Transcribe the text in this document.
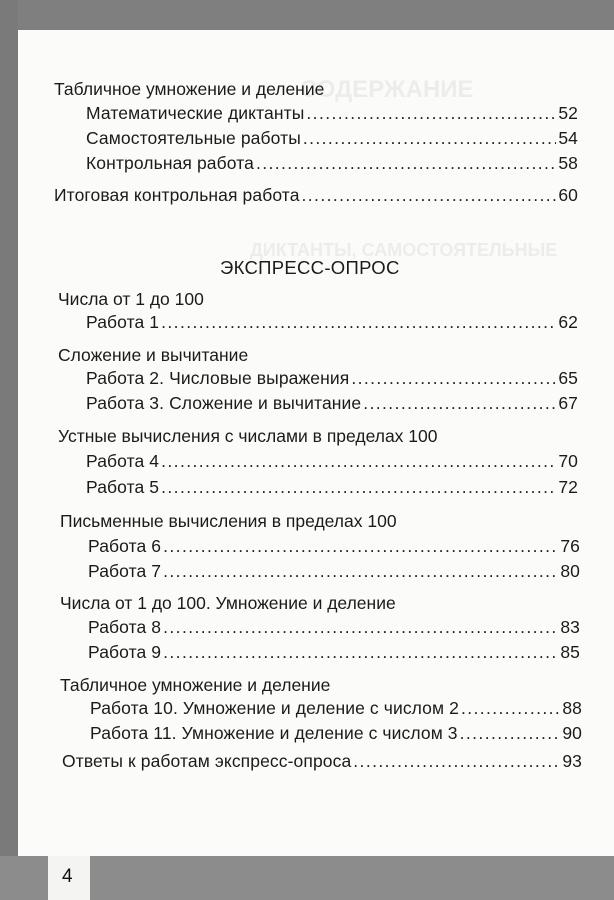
СОДЕРЖАНИЕ
ДИКТАНТЫ, САМОСТОЯТЕЛЬНЫЕ
Табличное умножение и деление
Математические диктанты .....	52
Самостоятельные работы .....	54
Контрольная работа .....	58
Итоговая контрольная работа .....	60
ЭКСПРЕСС-ОПРОС
Числа от 1 до 100
Работа 1 .....	62
Сложение и вычитание
Работа 2. Числовые выражения .....	65
Работа 3. Сложение и вычитание .....	67
Устные вычисления с числами в пределах 100
Работа 4 .....	70
Работа 5 .....	72
Письменные вычисления в пределах 100
Работа 6 .....	76
Работа 7 .....	80
Числа от 1 до 100. Умножение и деление
Работа 8 .....	83
Работа 9 .....	85
Табличное умножение и деление
Работа 10. Умножение и деление с числом 2 .....	88
Работа 11. Умножение и деление с числом 3 .....	90
Ответы к работам экспресс-опроса .....	93
4
